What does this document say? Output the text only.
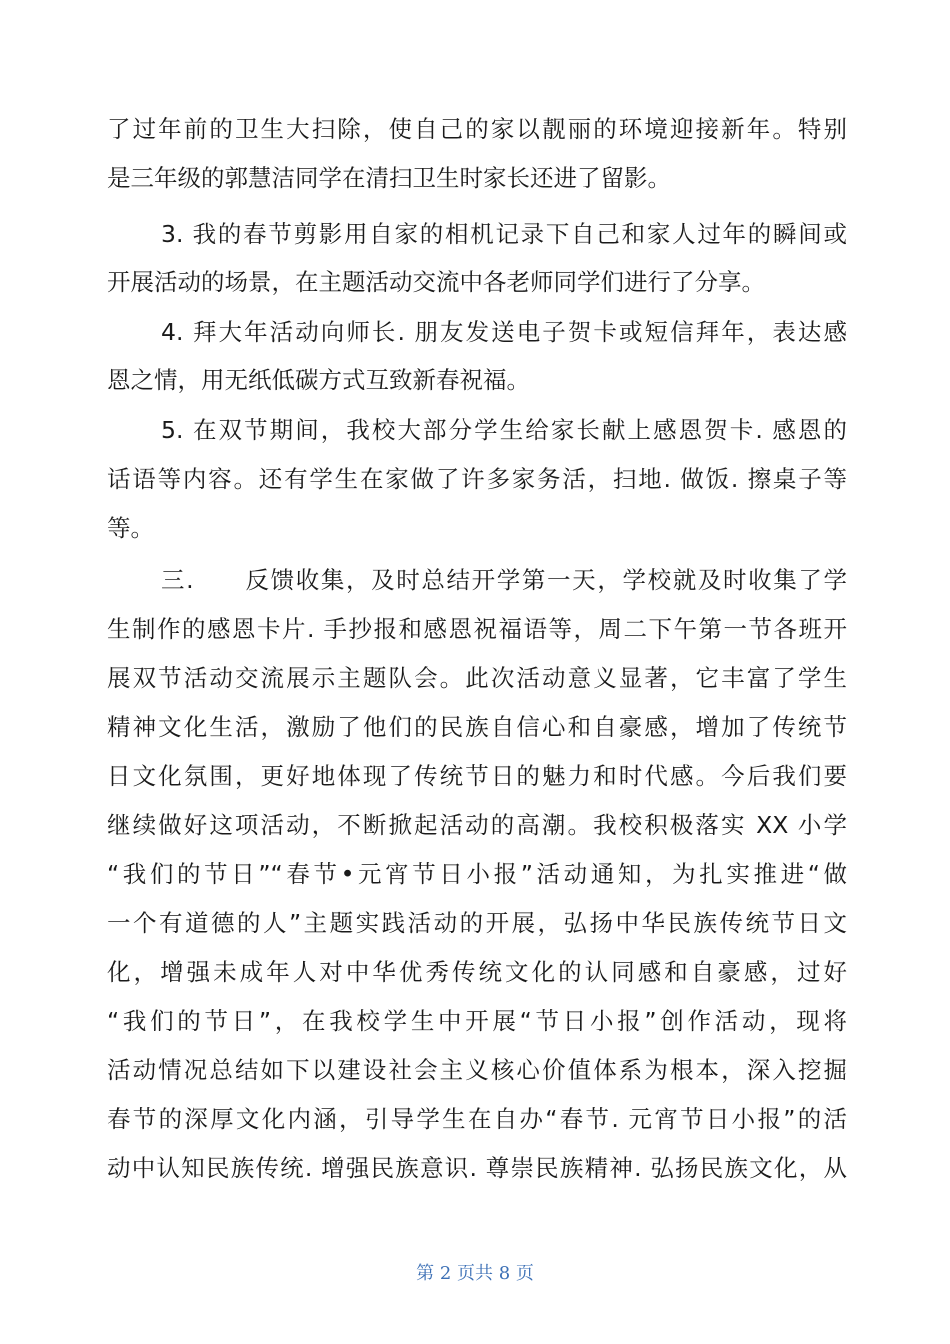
了过年前的卫生大扫除，使自己的家以靓丽的环境迎接新年。特别
是三年级的郭慧洁同学在清扫卫生时家长还进了留影。
3. 我的春节剪影用自家的相机记录下自己和家人过年的瞬间或
开展活动的场景，在主题活动交流中各老师同学们进行了分享。
4. 拜大年活动向师长. 朋友发送电子贺卡或短信拜年，表达感
恩之情，用无纸低碳方式互致新春祝福。
5. 在双节期间，我校大部分学生给家长献上感恩贺卡. 感恩的
话语等内容。还有学生在家做了许多家务活，扫地. 做饭. 擦桌子等
等。
三.　　反馈收集，及时总结开学第一天，学校就及时收集了学
生制作的感恩卡片. 手抄报和感恩祝福语等，周二下午第一节各班开
展双节活动交流展示主题队会。此次活动意义显著，它丰富了学生
精神文化生活，激励了他们的民族自信心和自豪感，增加了传统节
日文化氛围，更好地体现了传统节日的魅力和时代感。今后我们要
继续做好这项活动，不断掀起活动的高潮。我校积极落实 XX 小学
“我们的节日”“春节•元宵节日小报”活动通知，为扎实推进“做
一个有道德的人”主题实践活动的开展，弘扬中华民族传统节日文
化，增强未成年人对中华优秀传统文化的认同感和自豪感，过好
“我们的节日”，在我校学生中开展“节日小报”创作活动，现将
活动情况总结如下以建设社会主义核心价值体系为根本，深入挖掘
春节的深厚文化内涵，引导学生在自办“春节. 元宵节日小报”的活
动中认知民族传统. 增强民族意识. 尊崇民族精神. 弘扬民族文化，从
第 2 页共 8 页
